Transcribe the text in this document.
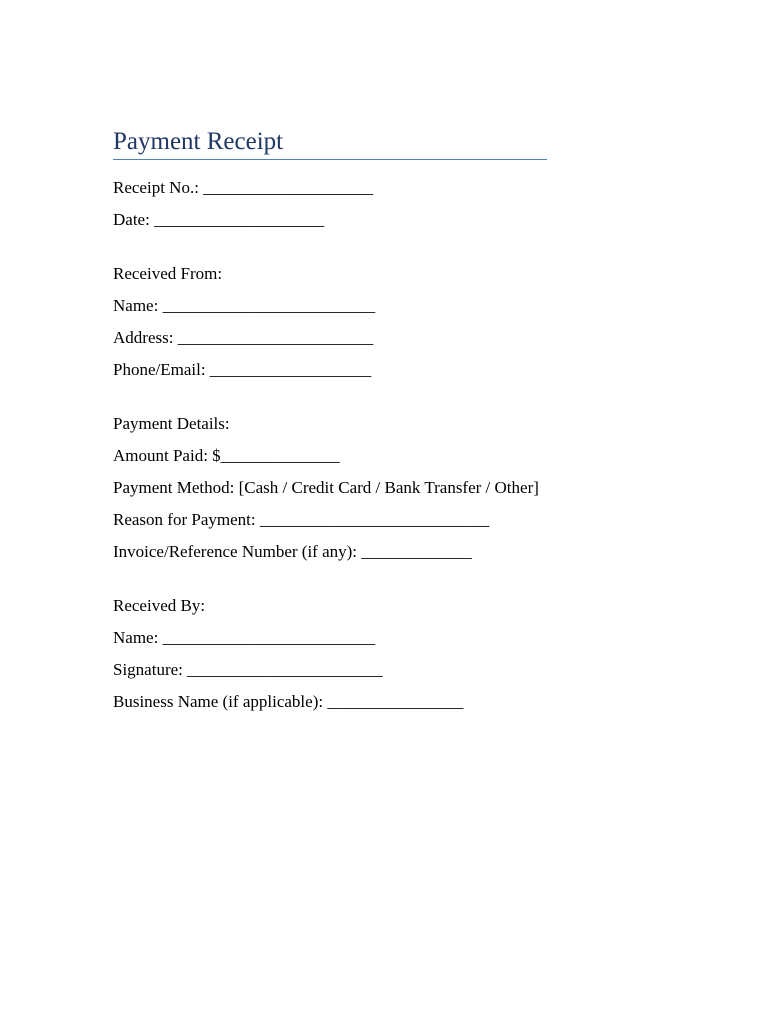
Payment Receipt

Receipt No.: ____________________

Date: ____________________

Received From:

Name: _________________________

Address: _______________________

Phone/Email: ___________________

Payment Details:

Amount Paid: $______________

Payment Method: [Cash / Credit Card / Bank Transfer / Other]

Reason for Payment: ___________________________

Invoice/Reference Number (if any): _____________

Received By:

Name: _________________________

Signature: _______________________

Business Name (if applicable): ________________
